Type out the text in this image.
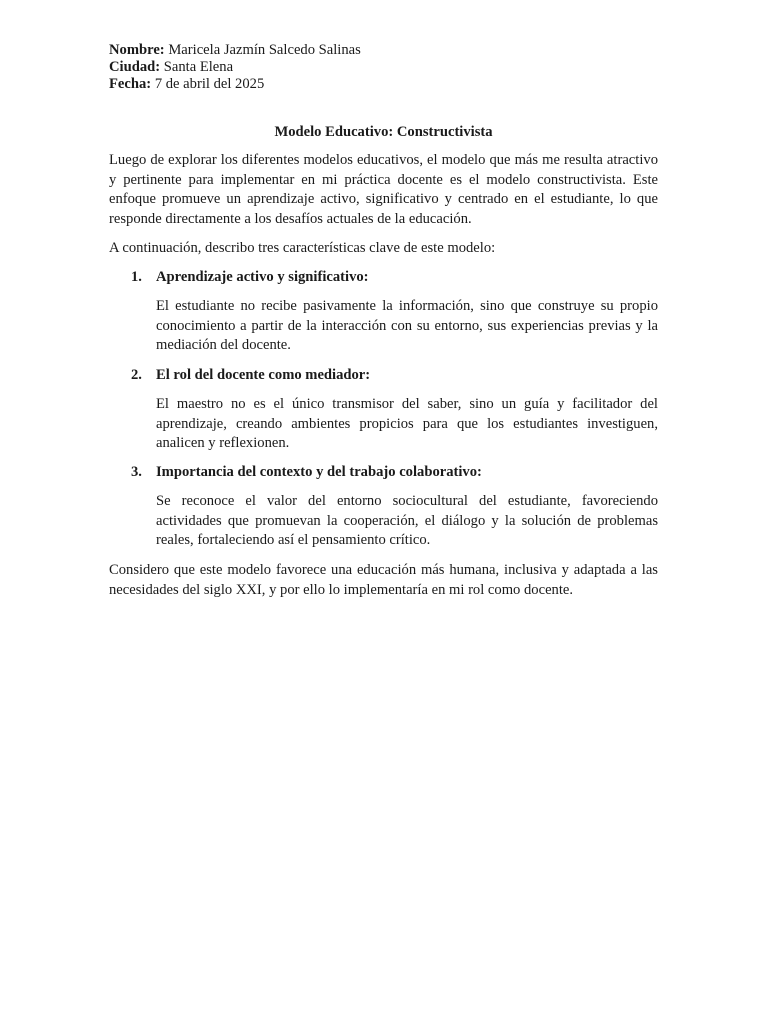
Nombre: Maricela Jazmín Salcedo Salinas
Ciudad: Santa Elena
Fecha: 7 de abril del 2025
Modelo Educativo: Constructivista

Luego de explorar los diferentes modelos educativos, el modelo que más me resulta atractivo y pertinente para implementar en mi práctica docente es el modelo constructivista. Este enfoque promueve un aprendizaje activo, significativo y centrado en el estudiante, lo que responde directamente a los desafíos actuales de la educación.

A continuación, describo tres características clave de este modelo:

1. Aprendizaje activo y significativo:

El estudiante no recibe pasivamente la información, sino que construye su propio conocimiento a partir de la interacción con su entorno, sus experiencias previas y la mediación del docente.

2. El rol del docente como mediador:

El maestro no es el único transmisor del saber, sino un guía y facilitador del aprendizaje, creando ambientes propicios para que los estudiantes investiguen, analicen y reflexionen.

3. Importancia del contexto y del trabajo colaborativo:

Se reconoce el valor del entorno sociocultural del estudiante, favoreciendo actividades que promuevan la cooperación, el diálogo y la solución de problemas reales, fortaleciendo así el pensamiento crítico.

Considero que este modelo favorece una educación más humana, inclusiva y adaptada a las necesidades del siglo XXI, y por ello lo implementaría en mi rol como docente.
